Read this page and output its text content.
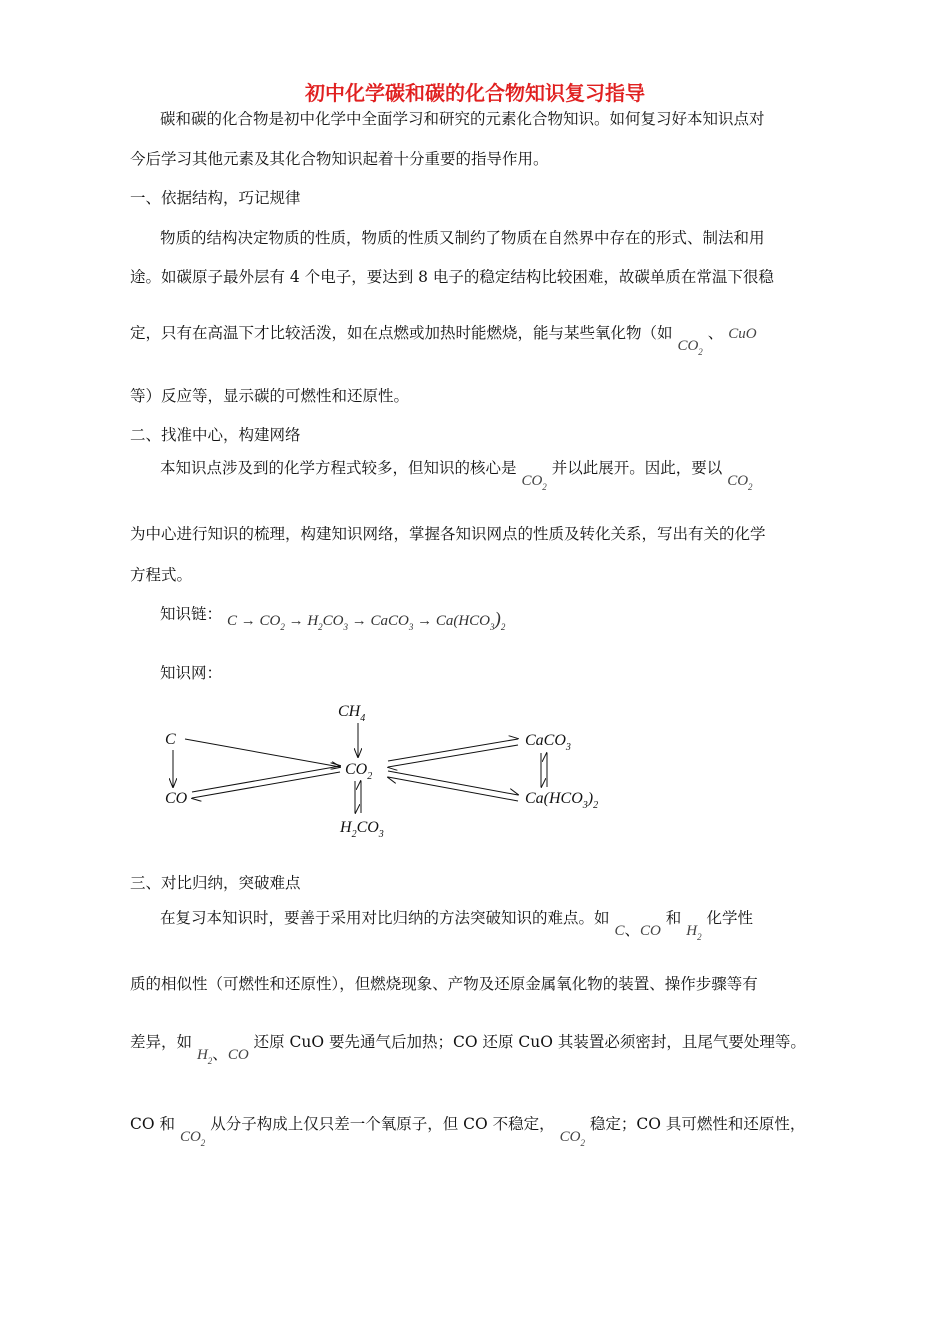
初中化学碳和碳的化合物知识复习指导
碳和碳的化合物是初中化学中全面学习和研究的元素化合物知识。如何复习好本知识点对
今后学习其他元素及其化合物知识起着十分重要的指导作用。
一、依据结构，巧记规律
物质的结构决定物质的性质，物质的性质又制约了物质在自然界中存在的形式、制法和用
途。如碳原子最外层有 4 个电子，要达到 8 电子的稳定结构比较困难，故碳单质在常温下很稳
定，只有在高温下才比较活泼，如在点燃或加热时能燃烧，能与某些氧化物（如 $CO_2$ 、 CuO
等）反应等，显示碳的可燃性和还原性。
二、找准中心，构建网络
本知识点涉及到的化学方程式较多，但知识的核心是 $CO_2$ 并以此展开。因此，要以 $CO_2$
为中心进行知识的梳理，构建知识网络，掌握各知识网点的性质及转化关系，写出有关的化学
方程式。
知识链： $C \to CO_2 \to H_2CO_3$ → CaCO$_3$ → $Ca(HCO_3)_2$
知识网：
C
CO
$CH_4$
$CO_2$
$H_2CO_3$
CaCO$_3$
$Ca(HCO_3)_2$
三、对比归纳，突破难点
在复习本知识时，要善于采用对比归纳的方法突破知识的难点。如 C、CO 和 $H_2$ 化学性
质的相似性（可燃性和还原性），但燃烧现象、产物及还原金属氧化物的装置、操作步骤等有
差异，如 $H_2$、CO 还原 CuO 要先通气后加热；CO 还原 CuO 其装置必须密封，且尾气要处理等。
CO 和 $CO_2$ 从分子构成上仅只差一个氧原子，但 CO 不稳定， $CO_2$ 稳定；CO 具可燃性和还原性，
